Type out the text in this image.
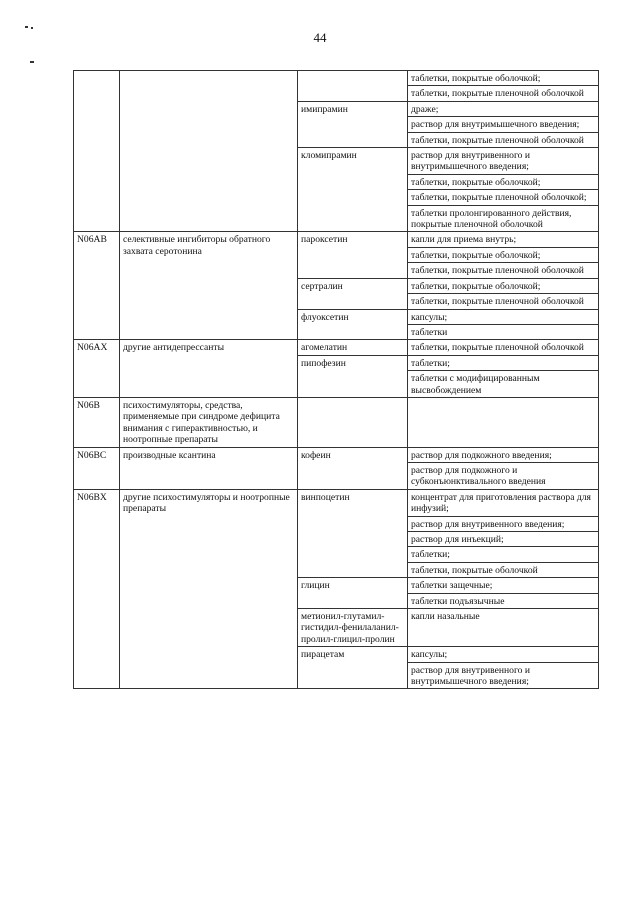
44
			таблетки, покрытые оболочкой;
			таблетки, покрытые пленочной оболочкой
		имипрамин	драже;
			раствор для внутримышечного введения;
			таблетки, покрытые пленочной оболочкой
		кломипрамин	раствор для внутривенного и внутримышечного введения;
			таблетки, покрытые оболочкой;
			таблетки, покрытые пленочной оболочкой;
			таблетки пролонгированного действия, покрытые пленочной оболочкой
N06AB	селективные ингибиторы обратного захвата серотонина	пароксетин	капли для приема внутрь;
			таблетки, покрытые оболочкой;
			таблетки, покрытые пленочной оболочкой
		сертралин	таблетки, покрытые оболочкой;
			таблетки, покрытые пленочной оболочкой
		флуоксетин	капсулы;
			таблетки
N06AX	другие антидепрессанты	агомелатин	таблетки, покрытые пленочной оболочкой
		пипофезин	таблетки;
			таблетки с модифицированным высвобождением
N06B	психостимуляторы, средства, применяемые при синдроме дефицита внимания с гиперактивностью, и ноотропные препараты		
N06BC	производные ксантина	кофеин	раствор для подкожного введения;
			раствор для подкожного и субконъюнктивального введения
N06BX	другие психостимуляторы и ноотропные препараты	винпоцетин	концентрат для приготовления раствора для инфузий;
			раствор для внутривенного введения;
			раствор для инъекций;
			таблетки;
			таблетки, покрытые оболочкой
		глицин	таблетки защечные;
			таблетки подъязычные
		метионил-глутамил-гистидил-фенилаланил-пролил-глицил-пролин	капли назальные
		пирацетам	капсулы;
			раствор для внутривенного и внутримышечного введения;
